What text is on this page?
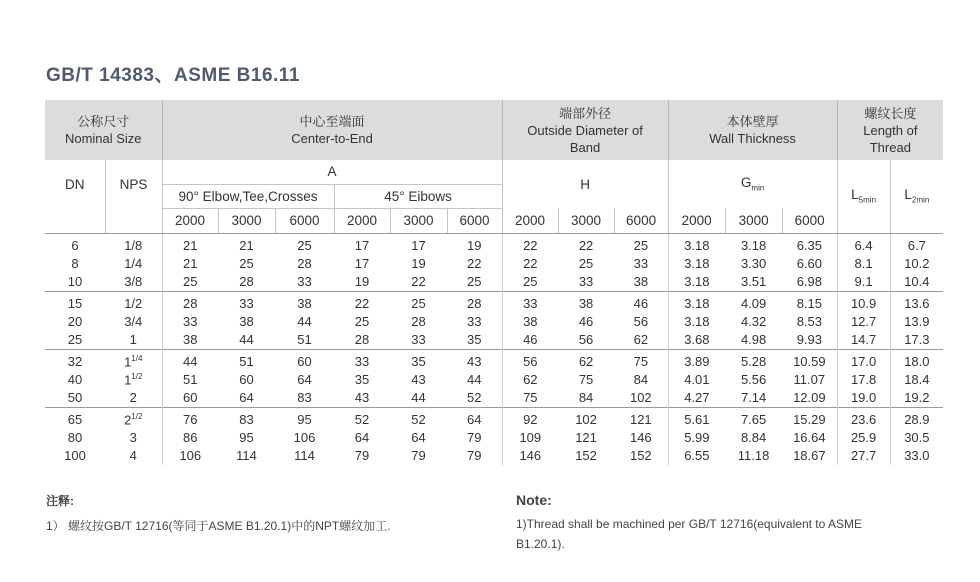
GB/T 14383、ASME B16.11
公称尺寸
Nominal Size		中心至端面
Center-to-End						端部外径
Outside Diameter of
Band			本体壁厚
Wall Thickness			螺纹长度
Length of
Thread	

DN	NPS	A						H			$G_{min}$			$L_{5min}$	$L_{2min}$
		90° Elbow,Tee,Crosses			45° Eibows										
		2000	3000	6000	2000	3000	6000	2000	3000	6000	2000	3000	6000		
6	1/8	21	21	25	17	17	19	22	22	25	3.18	3.18	6.35	6.4	6.7
8	1/4	21	25	28	17	19	22	22	25	33	3.18	3.30	6.60	8.1	10.2
10	3/8	25	28	33	19	22	25	25	33	38	3.18	3.51	6.98	9.1	10.4
15	1/2	28	33	38	22	25	28	33	38	46	3.18	4.09	8.15	10.9	13.6
20	3/4	33	38	44	25	28	33	38	46	56	3.18	4.32	8.53	12.7	13.9
25	1	38	44	51	28	33	35	46	56	62	3.68	4.98	9.93	14.7	17.3
32	$1^{1/4}$	44	51	60	33	35	43	56	62	75	3.89	5.28	10.59	17.0	18.0
40	$1^{1/2}$	51	60	64	35	43	44	62	75	84	4.01	5.56	11.07	17.8	18.4
50	2	60	64	83	43	44	52	75	84	102	4.27	7.14	12.09	19.0	19.2
65	$2^{1/2}$	76	83	95	52	52	64	92	102	121	5.61	7.65	15.29	23.6	28.9
80	3	86	95	106	64	64	79	109	121	146	5.99	8.84	16.64	25.9	30.5
100	4	106	114	114	79	79	79	146	152	152	6.55	11.18	18.67	27.7	33.0
注释:
1） 螺纹按GB/T 12716(等同于ASME B1.20.1)中的NPT螺纹加工.
Note:
1)Thread shall be machined per GB/T 12716(equivalent to ASME
B1.20.1).
